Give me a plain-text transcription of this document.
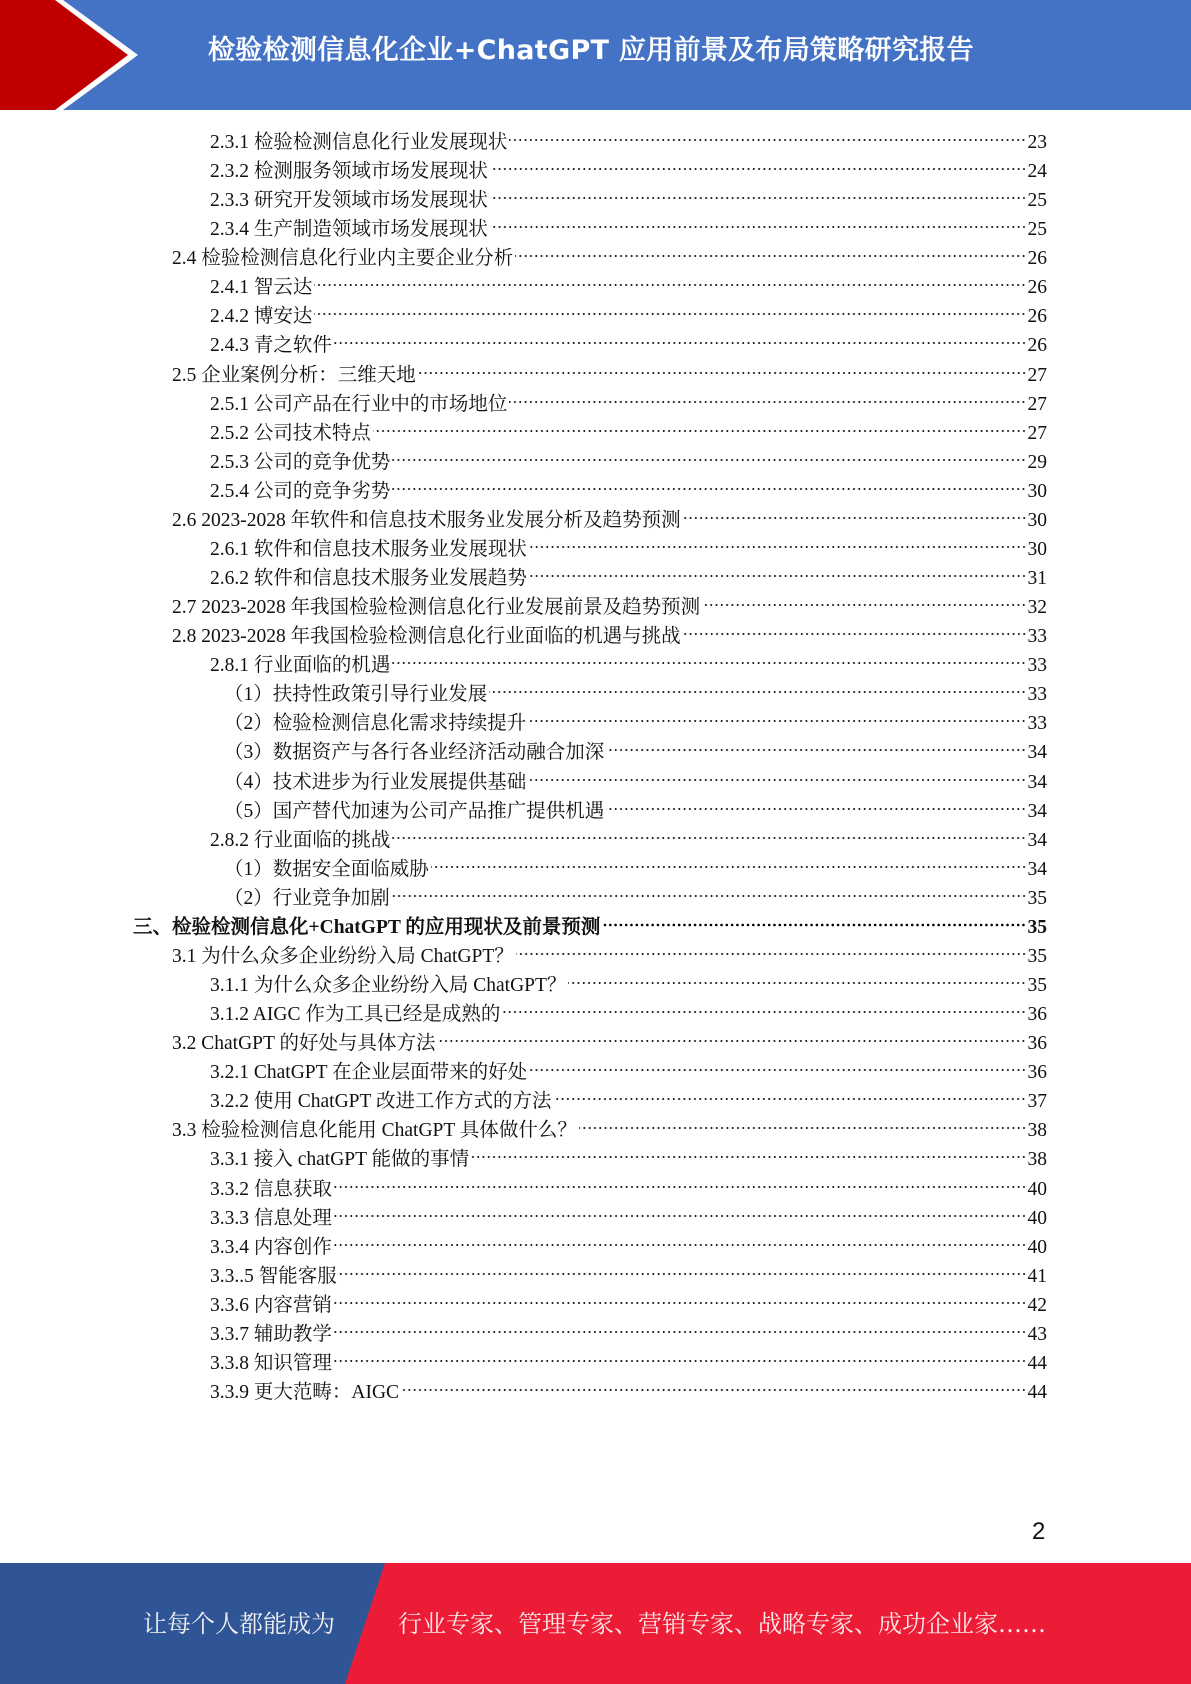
检验检测信息化企业+ChatGPT 应用前景及布局策略研究报告
2.3.1 检验检测信息化行业发展现状	23
2.3.2 检测服务领域市场发展现状	24
2.3.3 研究开发领域市场发展现状	25
2.3.4 生产制造领域市场发展现状	25
2.4 检验检测信息化行业内主要企业分析	26
2.4.1 智云达	26
2.4.2 博安达	26
2.4.3 青之软件	26
2.5 企业案例分析：三维天地	27
2.5.1 公司产品在行业中的市场地位	27
2.5.2 公司技术特点	27
2.5.3 公司的竞争优势	29
2.5.4 公司的竞争劣势	30
2.6 2023-2028 年软件和信息技术服务业发展分析及趋势预测	30
2.6.1 软件和信息技术服务业发展现状	30
2.6.2 软件和信息技术服务业发展趋势	31
2.7 2023-2028 年我国检验检测信息化行业发展前景及趋势预测	32
2.8 2023-2028 年我国检验检测信息化行业面临的机遇与挑战	33
2.8.1 行业面临的机遇	33
（1）扶持性政策引导行业发展	33
（2）检验检测信息化需求持续提升	33
（3）数据资产与各行各业经济活动融合加深	34
（4）技术进步为行业发展提供基础	34
（5）国产替代加速为公司产品推广提供机遇	34
2.8.2 行业面临的挑战	34
（1）数据安全面临威胁	34
（2）行业竞争加剧	35
三、检验检测信息化+ChatGPT 的应用现状及前景预测	35
3.1 为什么众多企业纷纷入局 ChatGPT？	35
3.1.1 为什么众多企业纷纷入局 ChatGPT？	35
3.1.2 AIGC 作为工具已经是成熟的	36
3.2 ChatGPT 的好处与具体方法	36
3.2.1 ChatGPT 在企业层面带来的好处	36
3.2.2 使用 ChatGPT 改进工作方式的方法	37
3.3 检验检测信息化能用 ChatGPT 具体做什么？	38
3.3.1 接入 chatGPT 能做的事情	38
3.3.2 信息获取	40
3.3.3 信息处理	40
3.3.4 内容创作	40
3.3..5 智能客服	41
3.3.6 内容营销	42
3.3.7 辅助教学	43
3.3.8 知识管理	44
3.3.9 更大范畴：AIGC	44
2
让每个人都能成为	行业专家、管理专家、营销专家、战略专家、成功企业家……
